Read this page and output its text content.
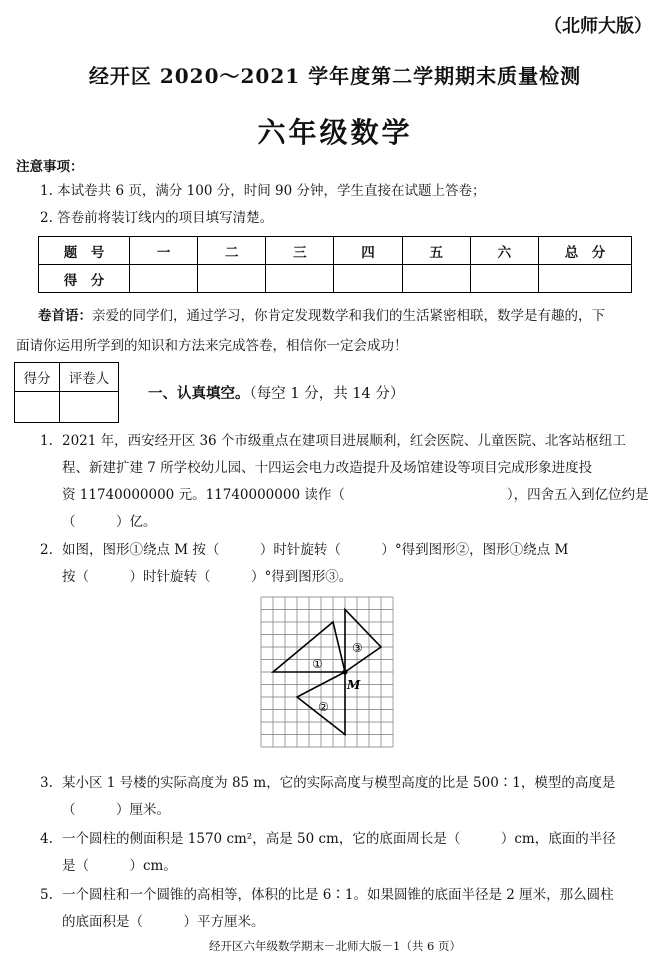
（北师大版）
经开区 2020～2021 学年度第二学期期末质量检测
六年级数学
注意事项：
1. 本试卷共 6 页，满分 100 分，时间 90 分钟，学生直接在试题上答卷；
2. 答卷前将装订线内的项目填写清楚。
题　号	一	二	三	四	五	六	总　分
得　分							
卷首语：亲爱的同学们，通过学习，你肯定发现数学和我们的生活紧密相联，数学是有趣的，下
面请你运用所学到的知识和方法来完成答卷，相信你一定会成功！
得分	评卷人

一、认真填空。（每空 1 分，共 14 分）
1. 2021 年，西安经开区 36 个市级重点在建项目进展顺利，红会医院、儿童医院、北客站枢纽工
程、新建扩建 7 所学校幼儿园、十四运会电力改造提升及场馆建设等项目完成形象进度投
资 11740000000 元。11740000000 读作（　　　　　　　　　　　　），四舍五入到亿位约是
（　　　）亿。
2. 如图，图形①绕点 M 按（　　　）时针旋转（　　　）°得到图形②，图形①绕点 M
按（　　　）时针旋转（　　　）°得到图形③。
①
②
③
M
3. 某小区 1 号楼的实际高度为 85 m，它的实际高度与模型高度的比是 500∶1，模型的高度是
（　　　）厘米。
4. 一个圆柱的侧面积是 1570 cm²，高是 50 cm，它的底面周长是（　　　）cm，底面的半径
是（　　　）cm。
5. 一个圆柱和一个圆锥的高相等，体积的比是 6∶1。如果圆锥的底面半径是 2 厘米，那么圆柱
的底面积是（　　　）平方厘米。
经开区六年级数学期末－北师大版－1（共 6 页）
